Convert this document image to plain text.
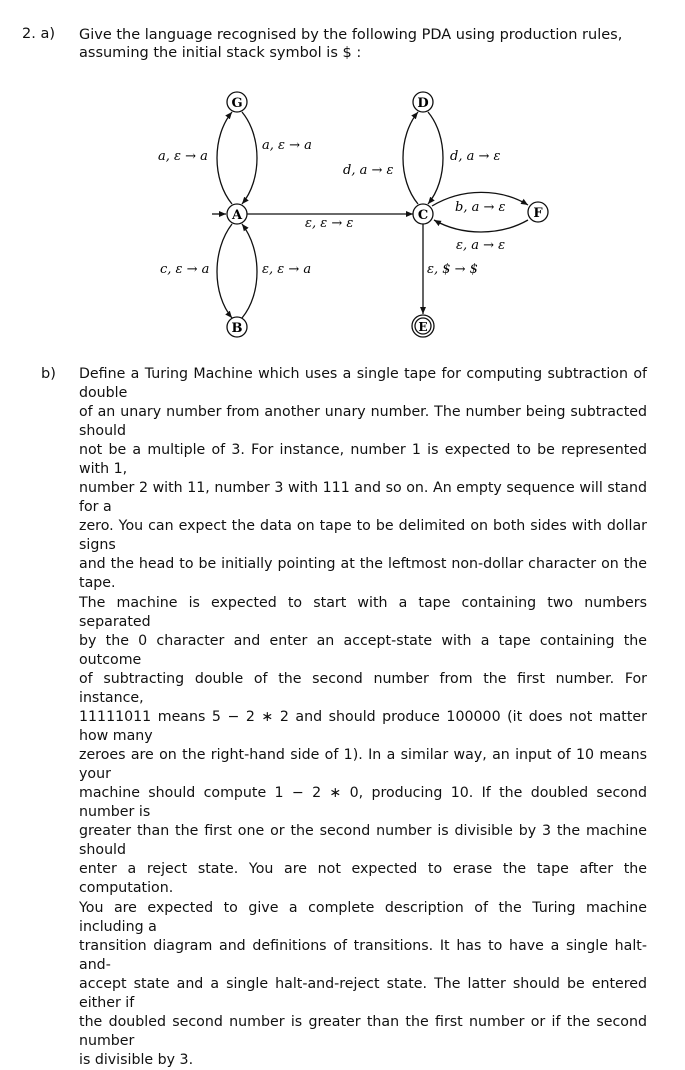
2. a) Give the language recognised by the following PDA using production rules,
assuming the initial stack symbol is $ :
G	D
A	C	F
B	E
a, ε → a
a, ε → a
d, a → ε
ε, ε → ε
d, a → ε
b, a → ε
ε, a → ε
ε, $ → $
c, ε → a	ε, ε → a
b) Define a Turing Machine which uses a single tape for computing subtraction of double
of an unary number from another unary number. The number being subtracted should
not be a multiple of 3. For instance, number 1 is expected to be represented with 1,
number 2 with 11, number 3 with 111 and so on. An empty sequence will stand for a
zero. You can expect the data on tape to be delimited on both sides with dollar signs
and the head to be initially pointing at the leftmost non-dollar character on the tape.
The machine is expected to start with a tape containing two numbers separated
by the 0 character and enter an accept-state with a tape containing the outcome
of subtracting double of the second number from the first number. For instance,
11111011 means 5 − 2 ∗ 2 and should produce 100000 (it does not matter how many
zeroes are on the right-hand side of 1). In a similar way, an input of 10 means your
machine should compute 1 − 2 ∗ 0, producing 10. If the doubled second number is
greater than the first one or the second number is divisible by 3 the machine should
enter a reject state. You are not expected to erase the tape after the computation.
You are expected to give a complete description of the Turing machine including a
transition diagram and definitions of transitions. It has to have a single halt-and-
accept state and a single halt-and-reject state. The latter should be entered either if
the doubled second number is greater than the first number or if the second number
is divisible by 3.
